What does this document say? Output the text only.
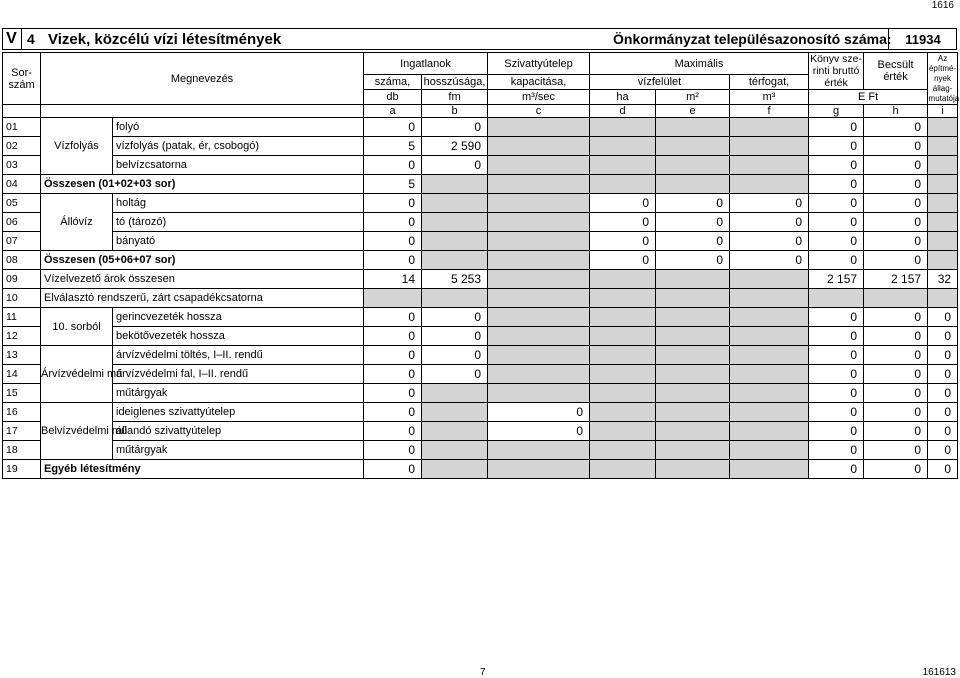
1616
V 4 Vizek, közcélú vízi létesítmények	Önkormányzat településazonosító száma:	11934
Sor- szám	Megnevezés		Ingatlanok		Szivattyútelep	Maximális			Könyv sze- rinti bruttó érték	Becsült érték	Az építmé- nyek állag- mutatója
			száma,	hosszúsága,	kapacitása,	vízfelület		térfogat,			
			db	fm	m³/sec	ha	m²	m³	E Ft		
			a	b	c	d	e	f	g	h	i
01	Vízfolyás	folyó	0	0					0	0	
02		vízfolyás (patak, ér, csobogó)	5	2 590					0	0	
03		belvízcsatorna	0	0					0	0	
04	Összesen (01+02+03 sor)		5						0	0	
05	Állóvíz	holtág	0			0	0	0	0	0	
06		tó (tározó)	0			0	0	0	0	0	
07		bányató	0			0	0	0	0	0	
08	Összesen (05+06+07 sor)		0			0	0	0	0	0	
09	Vízelvezető árok összesen		14	5 253					2 157	2 157	32
10	Elválasztó rendszerű, zárt csapadékcsatorna										
11	10. sorból	gerincvezeték hossza	0	0					0	0	0
12		bekötővezeték hossza	0	0					0	0	0
13	Árvízvédelmi mű	árvízvédelmi töltés, I–II. rendű	0	0					0	0	0
14		árvízvédelmi fal, I–II. rendű	0	0					0	0	0
15		műtárgyak	0						0	0	0
16	Belvízvédelmi mű	ideiglenes szivattyútelep	0		0				0	0	0
17		állandó szivattyútelep	0		0				0	0	0
18		műtárgyak	0						0	0	0
19	Egyéb létesítmény		0						0	0	0
7	161613
